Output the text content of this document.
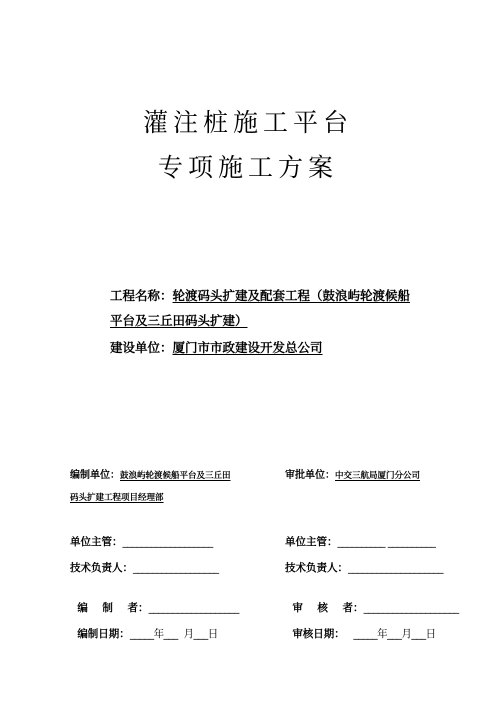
灌注桩施工平台
专项施工方案
工程名称：轮渡码头扩建及配套工程（鼓浪屿轮渡候船
平台及三丘田码头扩建）
建设单位：厦门市市政建设开发总公司
编制单位：鼓浪屿轮渡候船平台及三丘田
码头扩建工程项目经理部
审批单位：中交三航局厦门分公司
单位主管：___________________
技术负责人：__________________

编    制    者：___________________

编制日期：_____年___  月___日

单位主管：__________ __________
技术负责人：____________________

审    核    者：____________________

审核日期：   _____年___月___日
